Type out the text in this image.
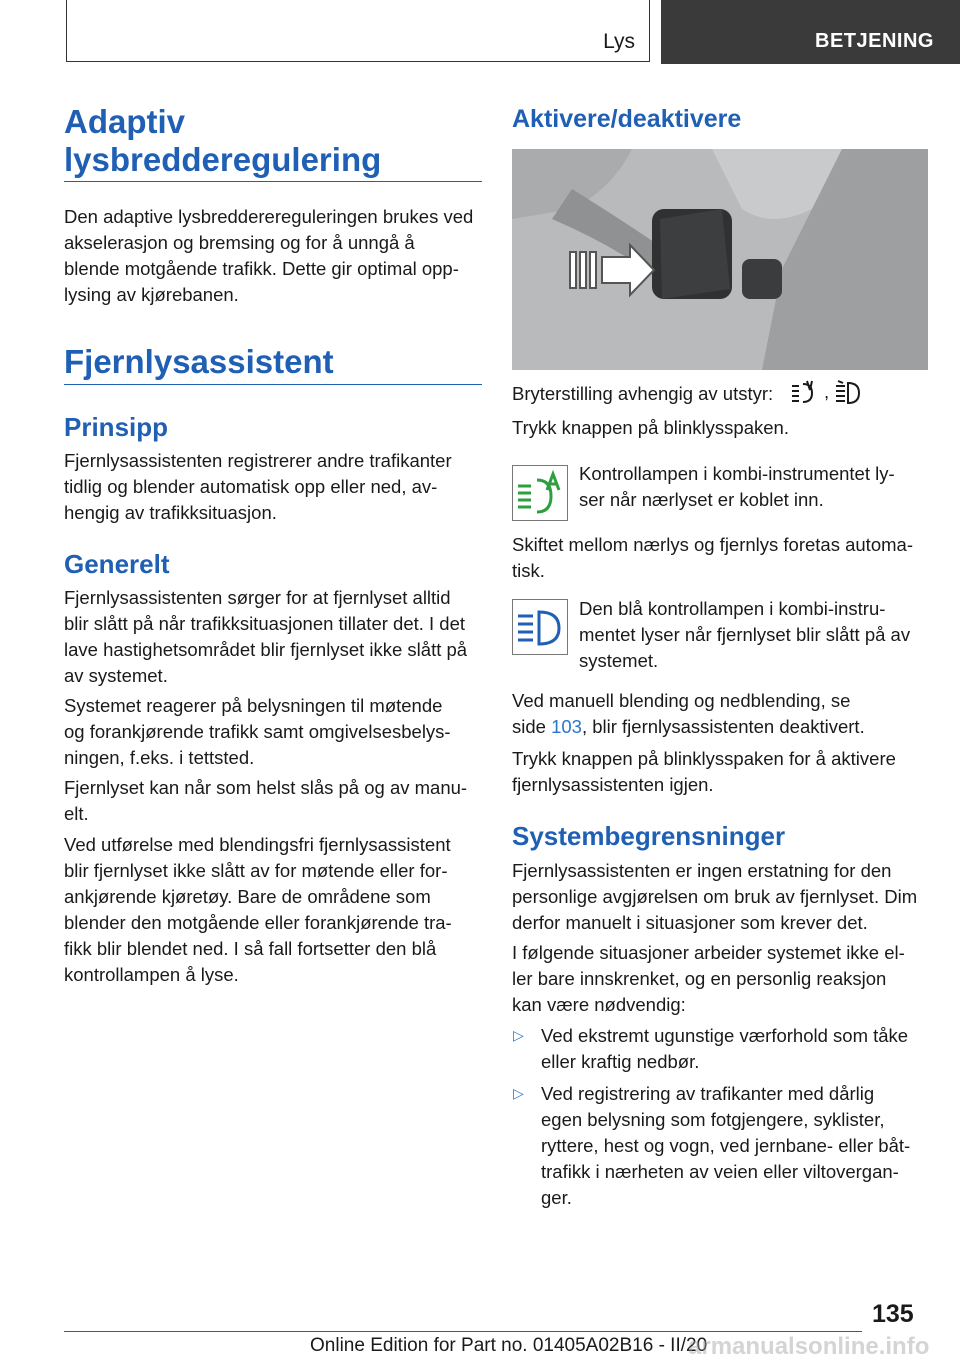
Lys	BETJENING
Adaptiv
lysbredderegulering

Den adaptive lysbredderereguleringen brukes ved

akselerasjon og bremsing og for å unngå å

blende motgående trafikk. Dette gir optimal opp-

lysing av kjørebanen.

Fjernlysassistent
Prinsipp

Fjernlysassistenten registrerer andre trafikanter

tidlig og blender automatisk opp eller ned, av-

hengig av trafikksituasjon.

Generelt

Fjernlysassistenten sørger for at fjernlyset alltid

blir slått på når trafikksituasjonen tillater det. I det

lave hastighetsområdet blir fjernlyset ikke slått på

av systemet.

Systemet reagerer på belysningen til møtende

og forankjørende trafikk samt omgivelsesbelys-

ningen, f.eks. i tettsted.

Fjernlyset kan når som helst slås på og av manu-

elt.

Ved utførelse med blendingsfri fjernlysassistent

blir fjernlyset ikke slått av for møtende eller for-

ankjørende kjøretøy. Bare de områdene som

blender den motgående eller forankjørende tra-

fikk blir blendet ned. I så fall fortsetter den blå

kontrollampen å lyse.

Aktivere/deaktivere

Bryterstilling avhengig av utstyr:	,

Trykk knappen på blinklysspaken.

Kontrollampen i kombi-instrumentet ly-

ser når nærlyset er koblet inn.

Skiftet mellom nærlys og fjernlys foretas automa-

tisk.

Den blå kontrollampen i kombi-instru-

mentet lyser når fjernlyset blir slått på av

systemet.

Ved manuell blending og nedblending, se

side 103, blir fjernlysassistenten deaktivert.

Trykk knappen på blinklysspaken for å aktivere

fjernlysassistenten igjen.

Systembegrensninger

Fjernlysassistenten er ingen erstatning for den

personlige avgjørelsen om bruk av fjernlyset. Dim

derfor manuelt i situasjoner som krever det.

I følgende situasjoner arbeider systemet ikke el-

ler bare innskrenket, og en personlig reaksjon

kan være nødvendig:

▷ Ved ekstremt ugunstige værforhold som tåke

eller kraftig nedbør.

▷ Ved registrering av trafikanter med dårlig

egen belysning som fotgjengere, syklister,

ryttere, hest og vogn, ved jernbane- eller båt-

trafikk i nærheten av veien eller viltovergan-

ger.

135
Online Edition for Part no. 01405A02B16 - II/20
armanualsonline.info
